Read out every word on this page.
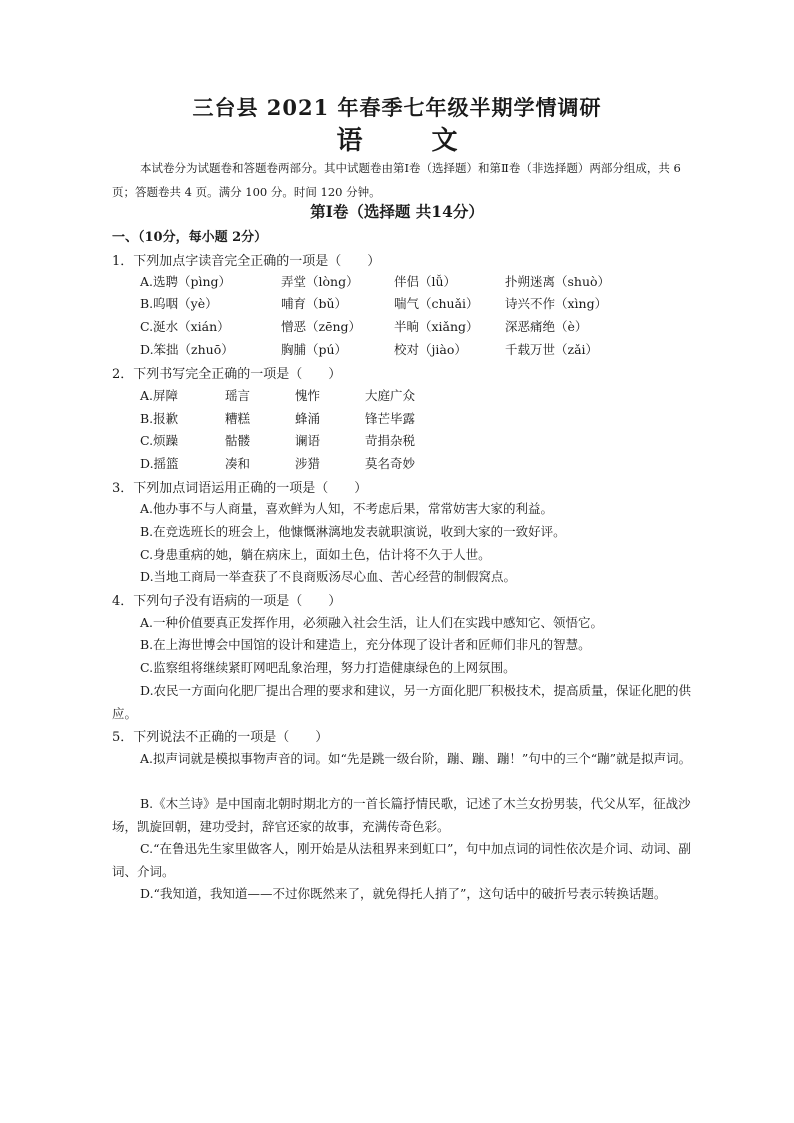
三台县 2021 年春季七年级半期学情调研
语 文
本试卷分为试题卷和答题卷两部分。其中试题卷由第Ⅰ卷（选择题）和第Ⅱ卷（非选择题）两部分组成，共 6 页；答题卷共 4 页。满分 100 分。时间 120 分钟。
第Ⅰ卷（选择题 共14分）
一、（10分，每小题 2分）
1．下列加点字读音完全正确的一项是（　　）
A.选聘（pìng）	弄堂（lòng）	伴侣（lǚ）	扑朔迷离（shuò）
B.呜咽（yè）	哺育（bǔ）	喘气（chuǎi） 诗兴不作（xìng）
C.涎水（xián）	憎恶（zēng）	半晌（xiǎng） 深恶痛绝（è）
D.笨拙（zhuō）	胸脯（pú）	校对（jiào）	千载万世（zǎi）
2．下列书写完全正确的一项是（　　）
A.屏障	瑶言	愧怍	大庭广众
B.报歉	糟糕	蜂涌	锋芒毕露
C.烦躁	骷髅	谰语	苛捐杂税
D.摇篮	凑和	涉猎	莫名奇妙
3．下列加点词语运用正确的一项是（　　）
A.他办事不与人商量，喜欢鲜为人知，不考虑后果，常常妨害大家的利益。
B.在竞选班长的班会上，他慷慨淋漓地发表就职演说，收到大家的一致好评。
C.身患重病的她，躺在病床上，面如土色，估计将不久于人世。
D.当地工商局一举查获了不良商贩汤尽心血、苦心经营的制假窝点。
4．下列句子没有语病的一项是（　　）
A.一种价值要真正发挥作用，必须融入社会生活，让人们在实践中感知它、领悟它。
B.在上海世博会中国馆的设计和建造上，充分体现了设计者和匠师们非凡的智慧。
C.监察组将继续紧盯网吧乱象治理，努力打造健康绿色的上网氛围。
D.农民一方面向化肥厂提出合理的要求和建议，另一方面化肥厂积极技术，提高质量，保证化肥的供应。
5．下列说法不正确的一项是（　　）
A.拟声词就是模拟事物声音的词。如“先是跳一级台阶，蹦、蹦、蹦！”句中的三个“蹦”就是拟声词。
B.《木兰诗》是中国南北朝时期北方的一首长篇抒情民歌，记述了木兰女扮男装，代父从军，征战沙场，凯旋回朝，建功受封，辞官还家的故事，充满传奇色彩。
C.“在鲁迅先生家里做客人，刚开始是从法租界来到虹口”，句中加点词的词性依次是介词、动词、副词、介词。
D.“我知道，我知道——不过你既然来了，就免得托人捎了”，这句话中的破折号表示转换话题。
